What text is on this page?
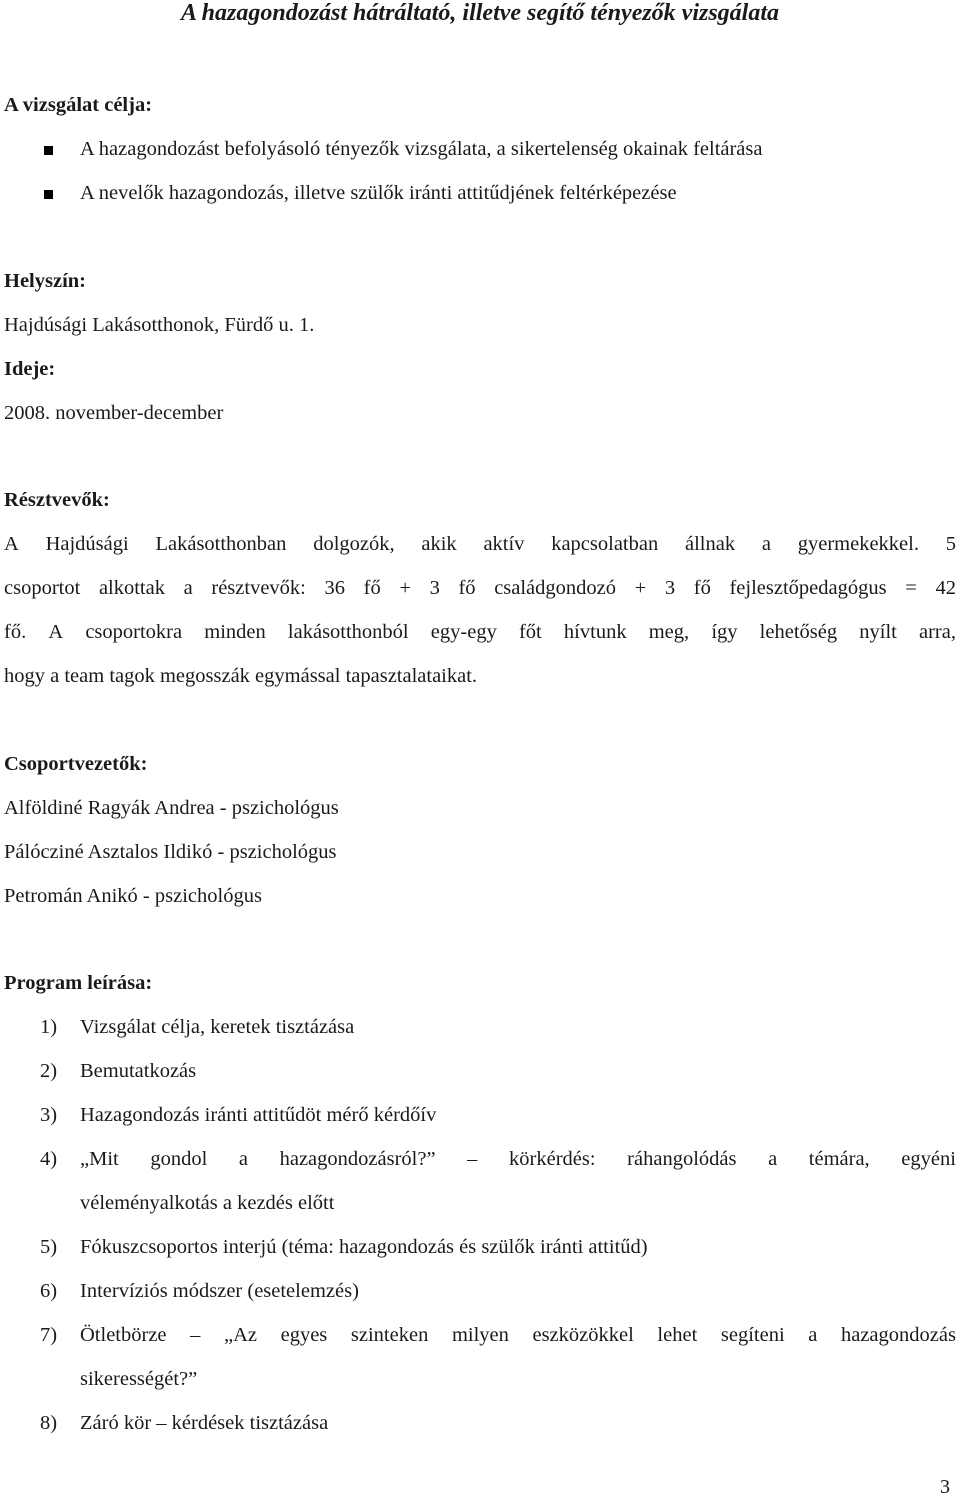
A hazagondozást hátráltató, illetve segítő tényezők vizsgálata
A vizsgálat célja:
A hazagondozást befolyásoló tényezők vizsgálata, a sikertelenség okainak feltárása
A nevelők hazagondozás, illetve szülők iránti attitűdjének feltérképezése
Helyszín:
Hajdúsági Lakásotthonok, Fürdő u. 1.
Ideje:
2008. november-december
Résztvevők:
A Hajdúsági Lakásotthonban dolgozók, akik aktív kapcsolatban állnak a gyermekekkel. 5
csoportot alkottak a résztvevők: 36 fő + 3 fő családgondozó + 3 fő fejlesztőpedagógus = 42
fő. A csoportokra minden lakásotthonból egy-egy főt hívtunk meg, így lehetőség nyílt arra,
hogy a team tagok megosszák egymással tapasztalataikat.
Csoportvezetők:
Alföldiné Ragyák Andrea - pszichológus
Pálócziné Asztalos Ildikó - pszichológus
Petromán Anikó - pszichológus
Program leírása:
1) Vizsgálat célja, keretek tisztázása
2) Bemutatkozás
3) Hazagondozás iránti attitűdöt mérő kérdőív
4) „Mit gondol a hazagondozásról?” – körkérdés: ráhangolódás a témára, egyéni
véleményalkotás a kezdés előtt
5) Fókuszcsoportos interjú (téma: hazagondozás és szülők iránti attitűd)
6) Intervíziós módszer (esetelemzés)
7) Ötletbörze – „Az egyes szinteken milyen eszközökkel lehet segíteni a hazagondozás
sikerességét?”
8) Záró kör – kérdések tisztázása
3
